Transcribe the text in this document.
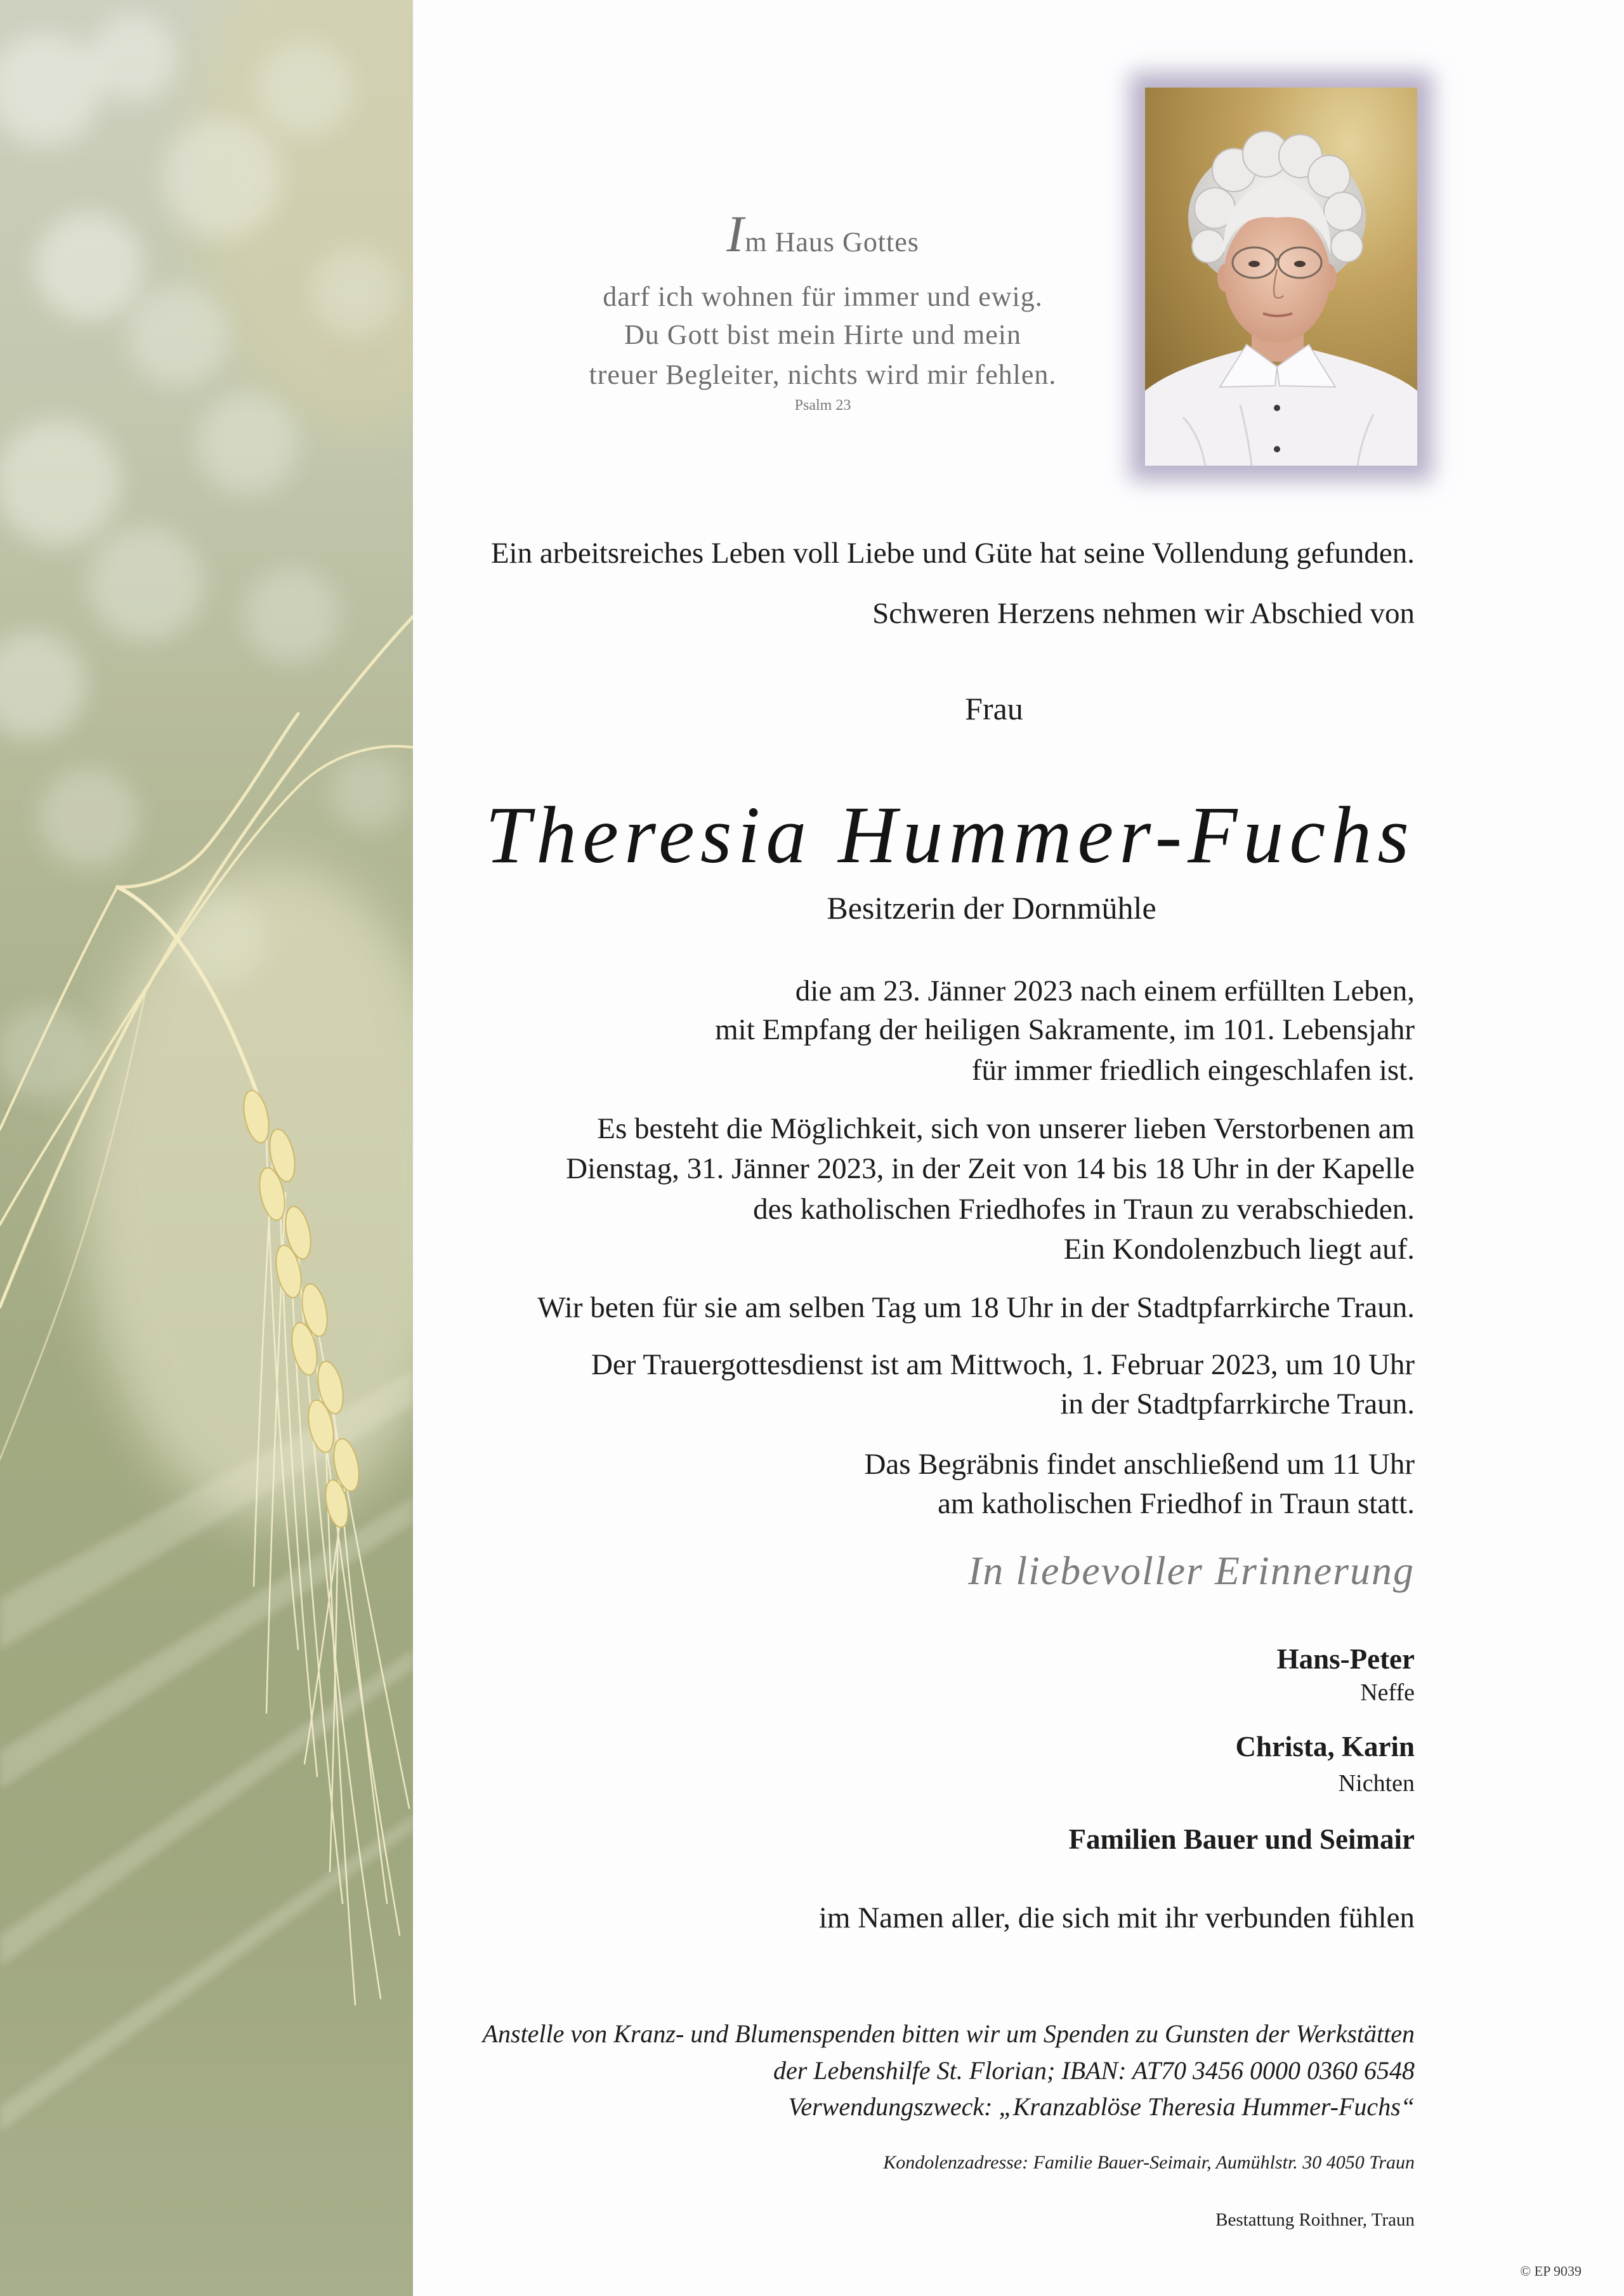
Im Haus Gottes
darf ich wohnen für immer und ewig.
Du Gott bist mein Hirte und mein
treuer Begleiter, nichts wird mir fehlen.
Psalm 23
Ein arbeitsreiches Leben voll Liebe und Güte hat seine Vollendung gefunden.
Schweren Herzens nehmen wir Abschied von
Frau
Theresia Hummer-Fuchs
Besitzerin der Dornmühle
die am 23. Jänner 2023 nach einem erfüllten Leben,
mit Empfang der heiligen Sakramente, im 101. Lebensjahr
für immer friedlich eingeschlafen ist.
Es besteht die Möglichkeit, sich von unserer lieben Verstorbenen am
Dienstag, 31. Jänner 2023, in der Zeit von 14 bis 18 Uhr in der Kapelle
des katholischen Friedhofes in Traun zu verabschieden.
Ein Kondolenzbuch liegt auf.
Wir beten für sie am selben Tag um 18 Uhr in der Stadtpfarrkirche Traun.
Der Trauergottesdienst ist am Mittwoch, 1. Februar 2023, um 10 Uhr
in der Stadtpfarrkirche Traun.
Das Begräbnis findet anschließend um 11 Uhr
am katholischen Friedhof in Traun statt.
In liebevoller Erinnerung
Hans-Peter
Neffe
Christa, Karin
Nichten
Familien Bauer und Seimair
im Namen aller, die sich mit ihr verbunden fühlen
Anstelle von Kranz- und Blumenspenden bitten wir um Spenden zu Gunsten der Werkstätten
der Lebenshilfe St. Florian; IBAN: AT70 3456 0000 0360 6548
Verwendungszweck: „Kranzablöse Theresia Hummer-Fuchs“
Kondolenzadresse: Familie Bauer-Seimair, Aumühlstr. 30 4050 Traun
Bestattung Roithner, Traun
© EP 9039
